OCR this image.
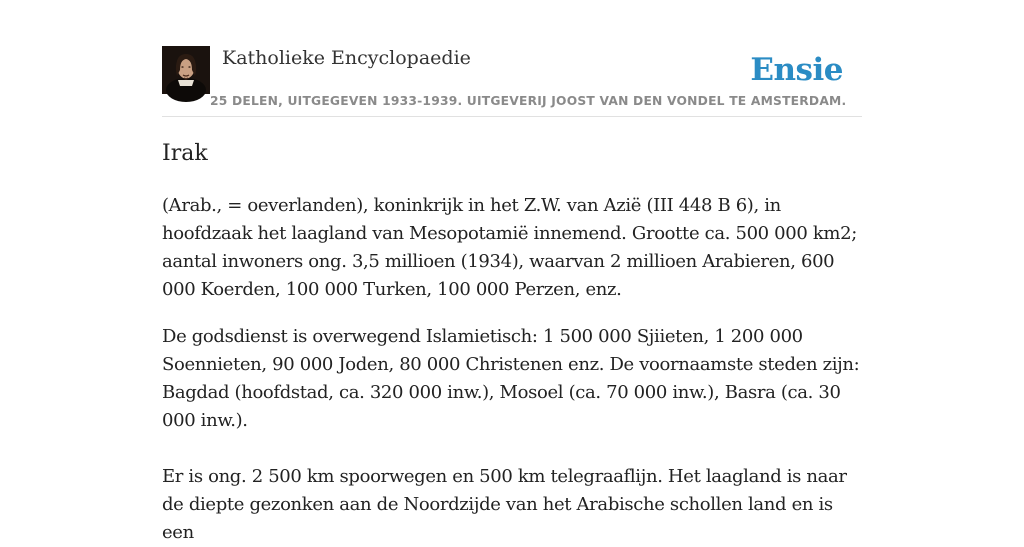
Katholieke Encyclopaedie
25 DELEN, UITGEGEVEN 1933-1939. UITGEVERIJ JOOST VAN DEN VONDEL TE AMSTERDAM.
Ensie
Irak

(Arab., = oeverlanden), koninkrijk in het Z.W. van Azië (III 448 B 6), in hoofdzaak het laagland van Mesopotamië innemend. Grootte ca. 500 000 km2; aantal inwoners ong. 3,5 millioen (1934), waarvan 2 millioen Arabieren, 600 000 Koerden, 100 000 Turken, 100 000 Perzen, enz.

De godsdienst is overwegend Islamietisch: 1 500 000 Sjiieten, 1 200 000 Soennieten, 90 000 Joden, 80 000 Christenen enz. De voornaamste steden zijn: Bagdad (hoofdstad, ca. 320 000 inw.), Mosoel (ca. 70 000 inw.), Basra (ca. 30 000 inw.).

Er is ong. 2 500 km spoorwegen en 500 km telegraaflijn. Het laagland is naar de diepte gezonken aan de Noordzijde van het Arabische schollen land en is een
